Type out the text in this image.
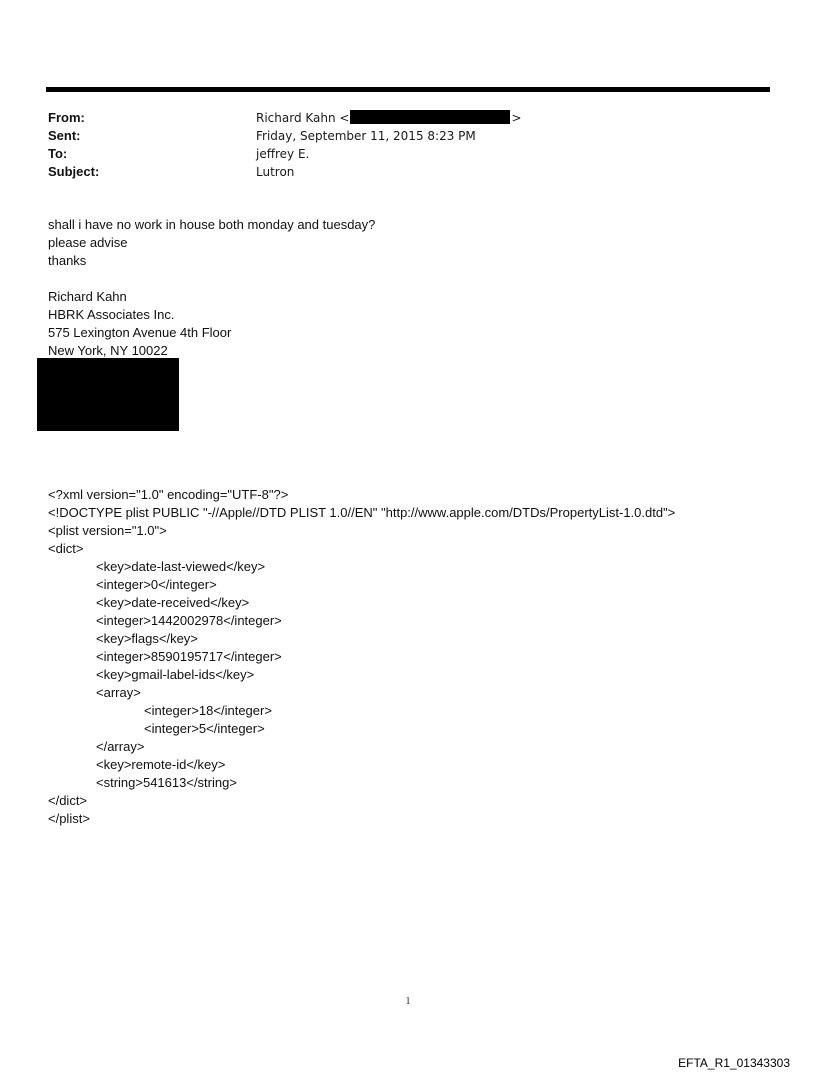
From:	Richard Kahn <	>
Sent:	Friday, September 11, 2015 8:23 PM
To:	jeffrey E.
Subject:	Lutron
shall i have no work in house both monday and tuesday?
please advise
thanks
Richard Kahn
HBRK Associates Inc.
575 Lexington Avenue 4th Floor
New York, NY 10022
<?xml version="1.0" encoding="UTF-8"?>
<!DOCTYPE plist PUBLIC "-//Apple//DTD PLIST 1.0//EN" "http://www.apple.com/DTDs/PropertyList-1.0.dtd">
<plist version="1.0">
<dict>
<key>date-last-viewed</key>
<integer>0</integer>
<key>date-received</key>
<integer>1442002978</integer>
<key>flags</key>
<integer>8590195717</integer>
<key>gmail-label-ids</key>
<array>
<integer>18</integer>
<integer>5</integer>
</array>
<key>remote-id</key>
<string>541613</string>
</dict>
</plist>
1
EFTA_R1_01343303
